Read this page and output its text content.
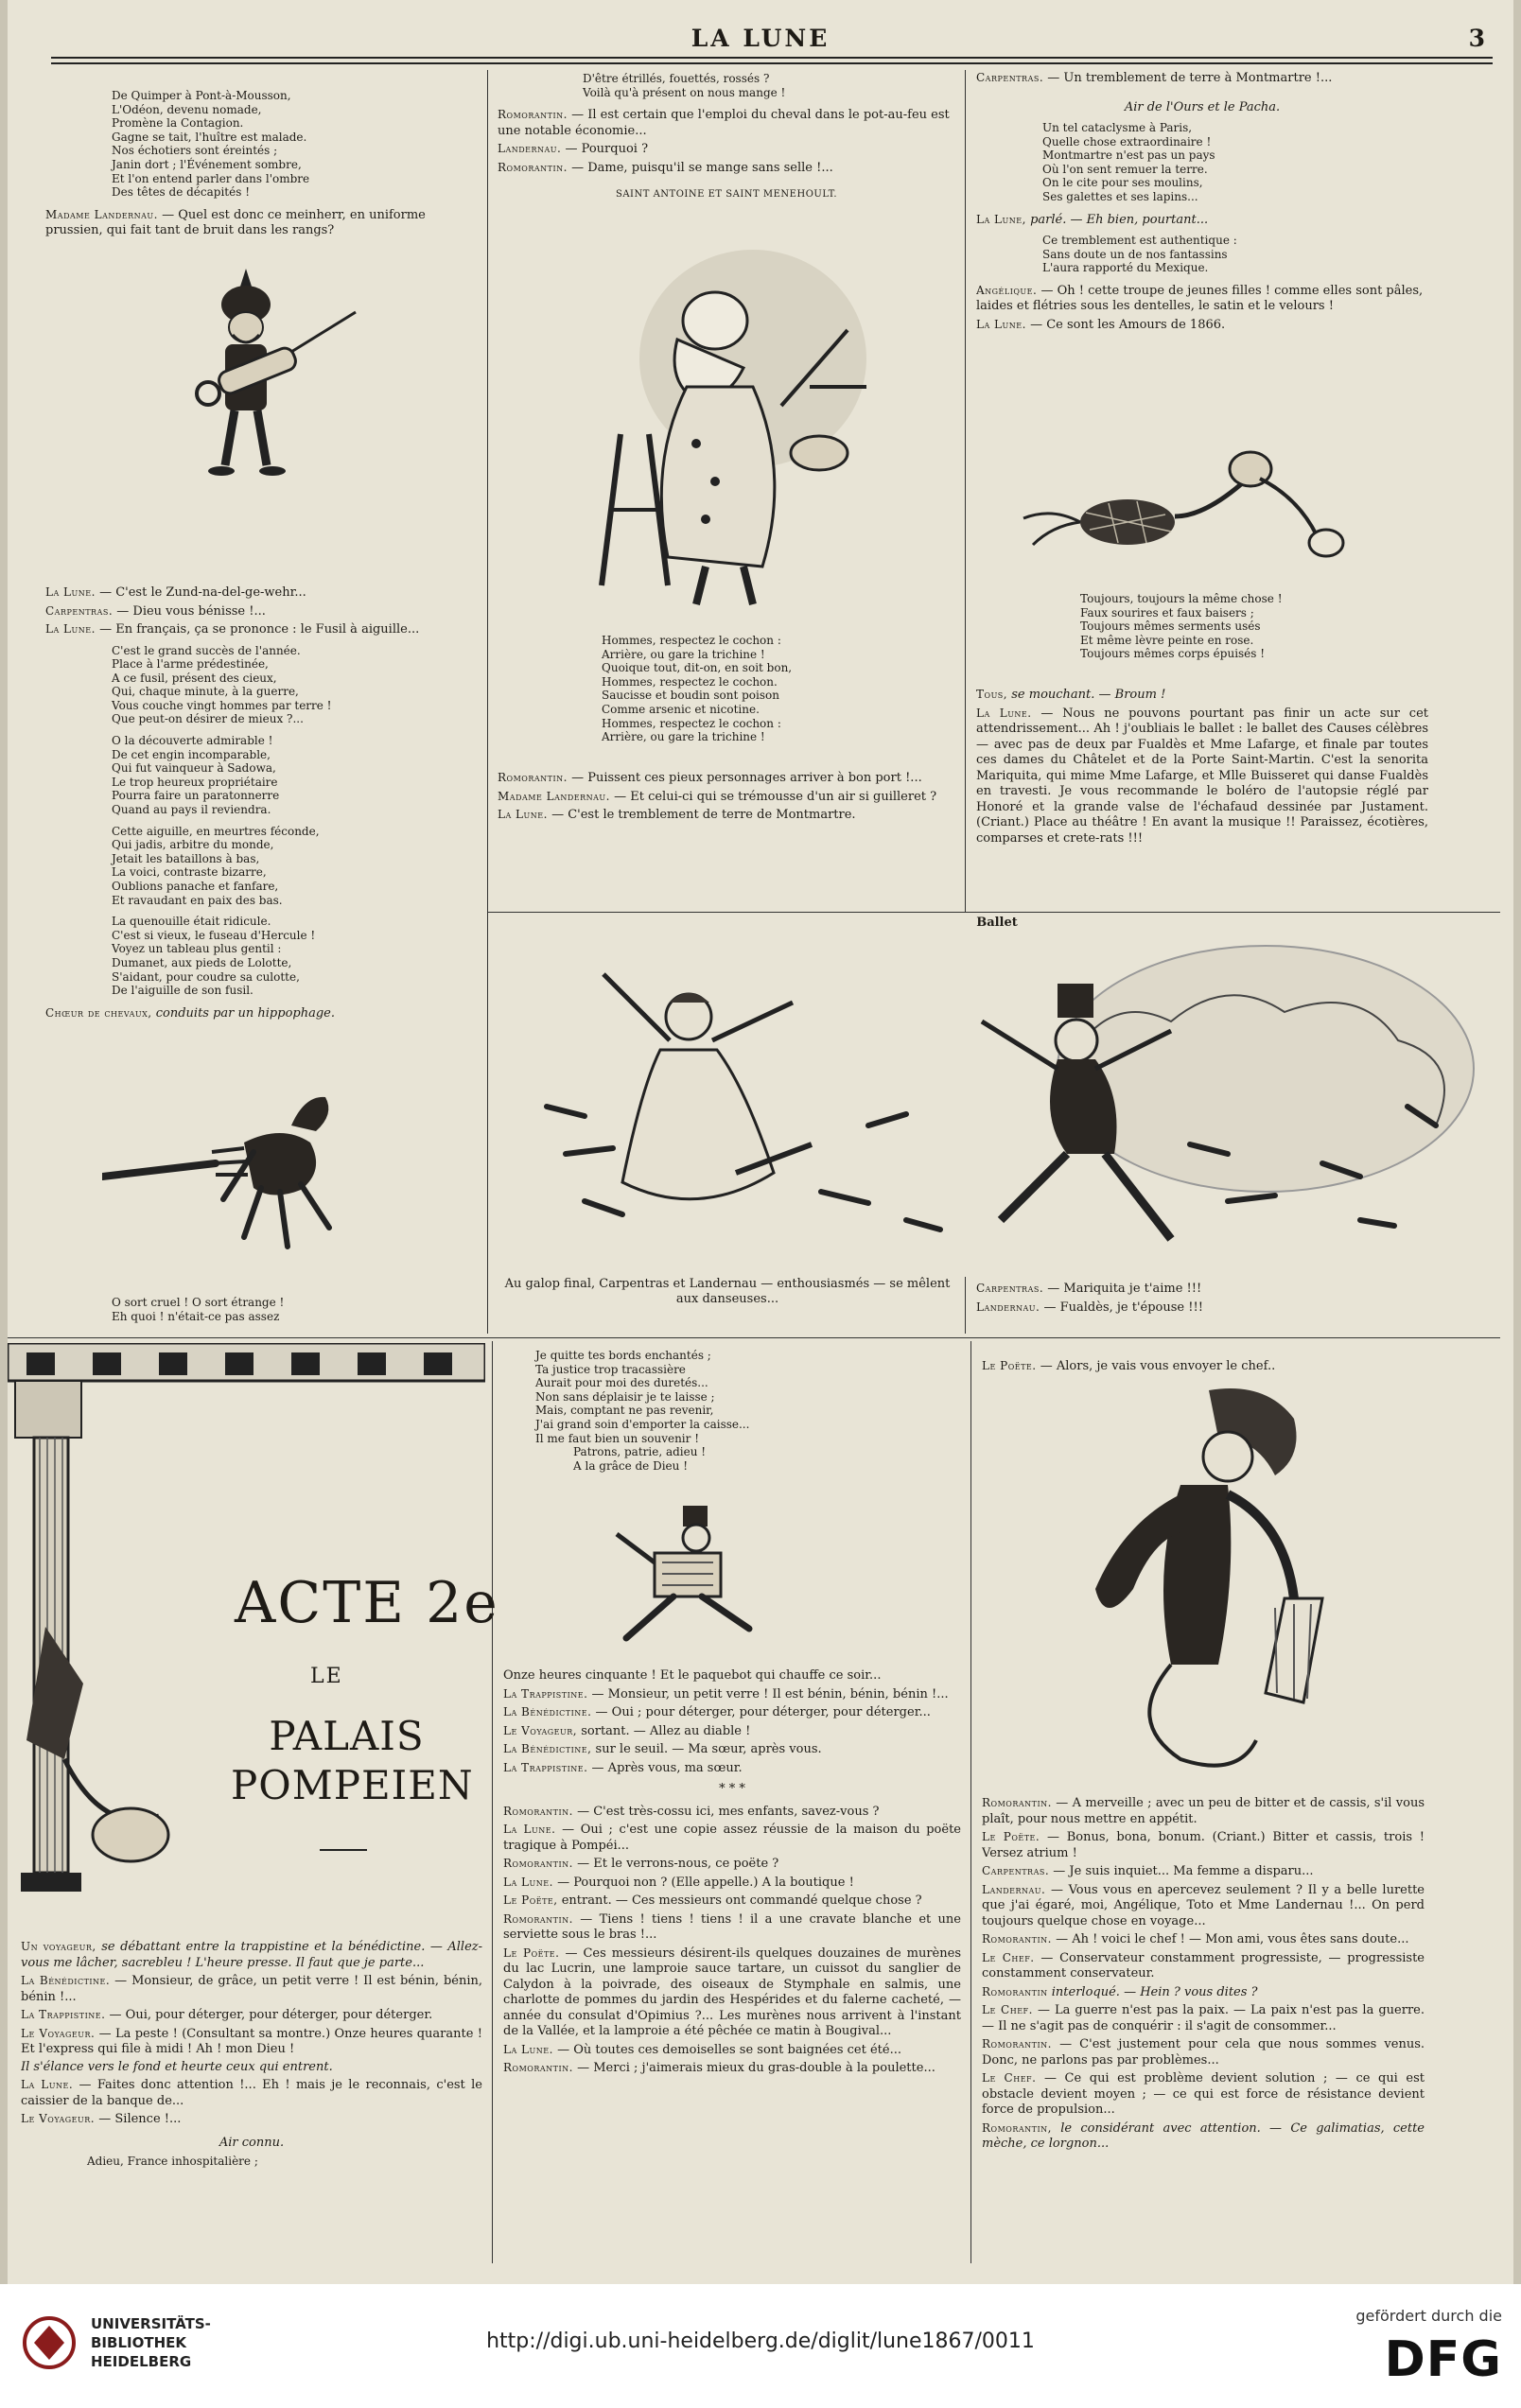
LA LUNE	3
De Quimper à Pont-à-Mousson,
L'Odéon, devenu nomade,
Promène la Contagion.
Gagne se tait, l'huître est malade.
Nos échotiers sont éreintés ;
Janin dort ; l'Événement sombre,
Et l'on entend parler dans l'ombre
Des têtes de décapités !

Madame Landernau. — Quel est donc ce meinherr, en uniforme prussien, qui fait tant de bruit dans les rangs?

La Lune. — C'est le Zund-na-del-ge-wehr...

Carpentras. — Dieu vous bénisse !...

La Lune. — En français, ça se prononce : le Fusil à aiguille...

C'est le grand succès de l'année.
Place à l'arme prédestinée,
A ce fusil, présent des cieux,
Qui, chaque minute, à la guerre,
Vous couche vingt hommes par terre !
Que peut-on désirer de mieux ?...
O la découverte admirable !
De cet engin incomparable,
Qui fut vainqueur à Sadowa,
Le trop heureux propriétaire
Pourra faire un paratonnerre
Quand au pays il reviendra.
Cette aiguille, en meurtres féconde,
Qui jadis, arbitre du monde,
Jetait les bataillons à bas,
La voici, contraste bizarre,
Oublions panache et fanfare,
Et ravaudant en paix des bas.
La quenouille était ridicule.
C'est si vieux, le fuseau d'Hercule !
Voyez un tableau plus gentil :
Dumanet, aux pieds de Lolotte,
S'aidant, pour coudre sa culotte,
De l'aiguille de son fusil.

Chœur de chevaux, conduits par un hippophage.

O sort cruel ! O sort étrange !
Eh quoi ! n'était-ce pas assez
D'être étrillés, fouettés, rossés ?
Voilà qu'à présent on nous mange !

Romorantin. — Il est certain que l'emploi du cheval dans le pot-au-feu est une notable économie...

Landernau. — Pourquoi ?

Romorantin. — Dame, puisqu'il se mange sans selle !...

SAINT ANTOINE ET SAINT MENEHOULT.
Hommes, respectez le cochon :
Arrière, ou gare la trichine !
Quoique tout, dit-on, en soit bon,
Hommes, respectez le cochon.
Saucisse et boudin sont poison
Comme arsenic et nicotine.
Hommes, respectez le cochon :
Arrière, ou gare la trichine !

Romorantin. — Puissent ces pieux personnages arriver à bon port !...

Madame Landernau. — Et celui-ci qui se trémousse d'un air si guilleret ?

La Lune. — C'est le tremblement de terre de Montmartre.

Carpentras. — Un tremblement de terre à Montmartre !...

Air de l'Ours et le Pacha.

Un tel cataclysme à Paris,
Quelle chose extraordinaire !
Montmartre n'est pas un pays
Où l'on sent remuer la terre.
On le cite pour ses moulins,
Ses galettes et ses lapins...

La Lune, parlé. — Eh bien, pourtant...

Ce tremblement est authentique :
Sans doute un de nos fantassins
L'aura rapporté du Mexique.

Angélique. — Oh ! cette troupe de jeunes filles ! comme elles sont pâles, laides et flétries sous les dentelles, le satin et le velours !

La Lune. — Ce sont les Amours de 1866.

Toujours, toujours la même chose !
Faux sourires et faux baisers ;
Toujours mêmes serments usés
Et même lèvre peinte en rose.
Toujours mêmes corps épuisés !

Tous, se mouchant. — Broum !

La Lune. — Nous ne pouvons pourtant pas finir un acte sur cet attendrissement... Ah ! j'oubliais le ballet : le ballet des Causes célèbres — avec pas de deux par Fualdès et Mme Lafarge, et finale par toutes ces dames du Châtelet et de la Porte Saint-Martin. C'est la senorita Mariquita, qui mime Mme Lafarge, et Mlle Buisseret qui danse Fualdès en travesti. Je vous recommande le boléro de l'autopsie réglé par Honoré et la grande valse de l'échafaud dessinée par Justament. (Criant.) Place au théâtre ! En avant la musique !! Paraissez, écotières, comparses et crete-rats !!!

Ballet
Au galop final, Carpentras et Landernau — enthousiasmés — se mêlent aux danseuses...

Carpentras. — Mariquita je t'aime !!!

Landernau. — Fualdès, je t'épouse !!!

ACTE 2e
LE
PALAIS POMPEIEN

Un voyageur, se débattant entre la trappistine et la bénédictine. — Allez-vous me lâcher, sacrebleu ! L'heure presse. Il faut que je parte...

La Bénédictine. — Monsieur, de grâce, un petit verre ! Il est bénin, bénin, bénin !...

La Trappistine. — Oui, pour déterger, pour déterger, pour déterger.

Le Voyageur. — La peste ! (Consultant sa montre.) Onze heures quarante ! Et l'express qui file à midi ! Ah ! mon Dieu !

Il s'élance vers le fond et heurte ceux qui entrent.

La Lune. — Faites donc attention !... Eh ! mais je le reconnais, c'est le caissier de la banque de...

Le Voyageur. — Silence !...

Air connu.

Adieu, France inhospitalière ;
Je quitte tes bords enchantés ;
Ta justice trop tracassière
Aurait pour moi des duretés...
Non sans déplaisir je te laisse ;
Mais, comptant ne pas revenir,
J'ai grand soin d'emporter la caisse...
Il me faut bien un souvenir !
Patrons, patrie, adieu !
A la grâce de Dieu !

Onze heures cinquante ! Et le paquebot qui chauffe ce soir...

La Trappistine. — Monsieur, un petit verre ! Il est bénin, bénin, bénin !...

La Bénédictine. — Oui ; pour déterger, pour déterger, pour déterger...

Le Voyageur, sortant. — Allez au diable !

La Bénédictine, sur le seuil. — Ma sœur, après vous.

La Trappistine. — Après vous, ma sœur.

* * *

Romorantin. — C'est très-cossu ici, mes enfants, savez-vous ?

La Lune. — Oui ; c'est une copie assez réussie de la maison du poëte tragique à Pompéi...

Romorantin. — Et le verrons-nous, ce poëte ?

La Lune. — Pourquoi non ? (Elle appelle.) A la boutique !

Le Poëte, entrant. — Ces messieurs ont commandé quelque chose ?

Romorantin. — Tiens ! tiens ! tiens ! il a une cravate blanche et une serviette sous le bras !...

Le Poëte. — Ces messieurs désirent-ils quelques douzaines de murènes du lac Lucrin, une lamproie sauce tartare, un cuissot du sanglier de Calydon à la poivrade, des oiseaux de Stymphale en salmis, une charlotte de pommes du jardin des Hespérides et du falerne cacheté, — année du consulat d'Opimius ?... Les murènes nous arrivent à l'instant de la Vallée, et la lamproie a été pêchée ce matin à Bougival...

La Lune. — Où toutes ces demoiselles se sont baignées cet été...

Romorantin. — Merci ; j'aimerais mieux du gras-double à la poulette...

Le Poëte. — Alors, je vais vous envoyer le chef..

Romorantin. — A merveille ; avec un peu de bitter et de cassis, s'il vous plaît, pour nous mettre en appétit.

Le Poëte. — Bonus, bona, bonum. (Criant.) Bitter et cassis, trois ! Versez atrium !

Carpentras. — Je suis inquiet... Ma femme a disparu...

Landernau. — Vous vous en apercevez seulement ? Il y a belle lurette que j'ai égaré, moi, Angélique, Toto et Mme Landernau !... On perd toujours quelque chose en voyage...

Romorantin. — Ah ! voici le chef ! — Mon ami, vous êtes sans doute...

Le Chef. — Conservateur constamment progressiste, — progressiste constamment conservateur.

Romorantin interloqué. — Hein ? vous dites ?

Le Chef. — La guerre n'est pas la paix. — La paix n'est pas la guerre. — Il ne s'agit pas de conquérir : il s'agit de consommer...

Romorantin. — C'est justement pour cela que nous sommes venus. Donc, ne parlons pas par problèmes...

Le Chef. — Ce qui est problème devient solution ; — ce qui est obstacle devient moyen ; — ce qui est force de résistance devient force de propulsion...

Romorantin, le considérant avec attention. — Ce galimatias, cette mèche, ce lorgnon...

UNIVERSITÄTS-
BIBLIOTHEK
HEIDELBERG
http://digi.ub.uni-heidelberg.de/diglit/lune1867/0011
gefördert durch die
DFG
